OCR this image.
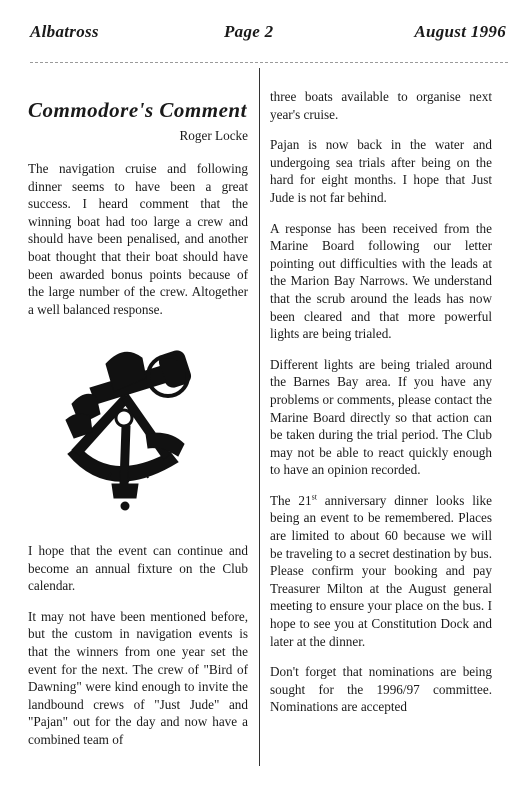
Albatross	Page 2	August 1996
Commodore's Comment
Roger Locke

The navigation cruise and following dinner seems to have been a great success. I heard comment that the winning boat had too large a crew and should have been penalised, and another boat thought that their boat should have been awarded bonus points because of the large number of the crew. Altogether a well balanced response.

I hope that the event can continue and become an annual fixture on the Club calendar.

It may not have been mentioned before, but the custom in navigation events is that the winners from one year set the event for the next. The crew of "Bird of Dawning" were kind enough to invite the landbound crews of "Just Jude" and "Pajan" out for the day and now have a combined team of

three boats available to organise next year's cruise.

Pajan is now back in the water and undergoing sea trials after being on the hard for eight months. I hope that Just Jude is not far behind.

A response has been received from the Marine Board following our letter pointing out difficulties with the leads at the Marion Bay Narrows. We understand that the scrub around the leads has now been cleared and that more powerful lights are being trialed.

Different lights are being trialed around the Barnes Bay area. If you have any problems or comments, please contact the Marine Board directly so that action can be taken during the trial period. The Club may not be able to react quickly enough to have an opinion recorded.

The 21st anniversary dinner looks like being an event to be remembered. Places are limited to about 60 because we will be traveling to a secret destination by bus. Please confirm your booking and pay Treasurer Milton at the August general meeting to ensure your place on the bus. I hope to see you at Constitution Dock and later at the dinner.

Don't forget that nominations are being sought for the 1996/97 committee. Nominations are accepted
